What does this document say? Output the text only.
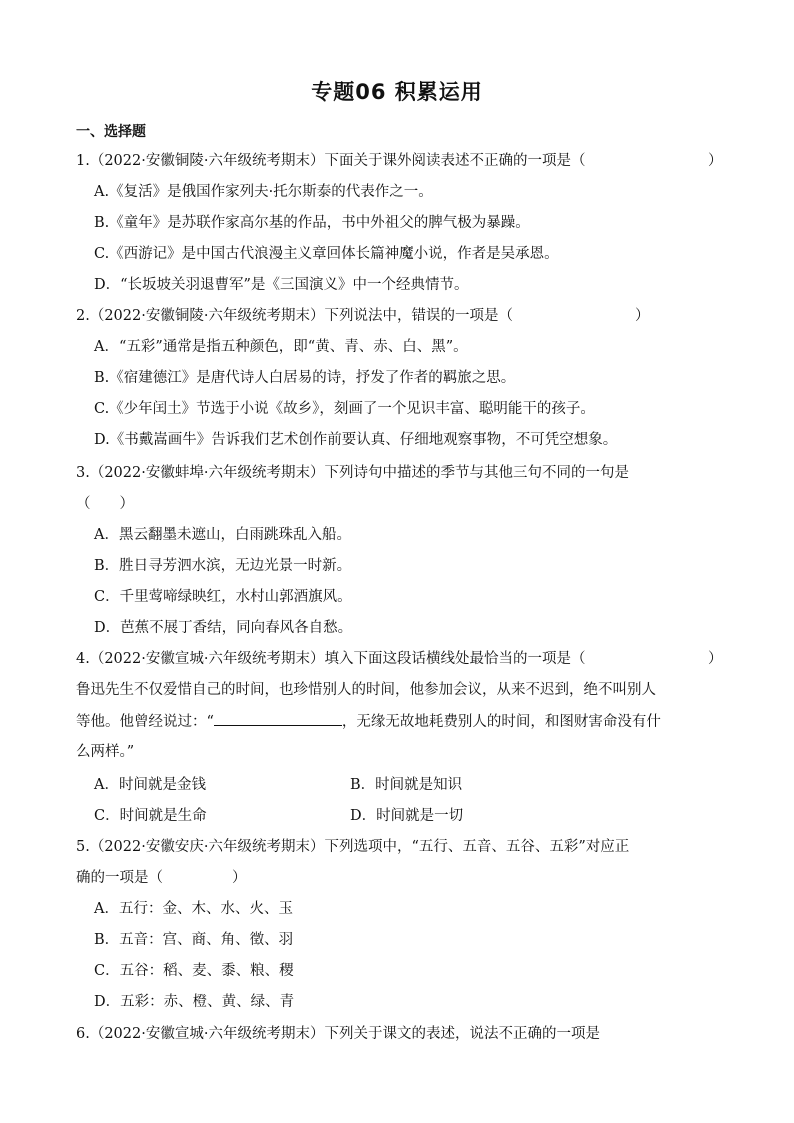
专题06 积累运用
一、选择题
1.（2022·安徽铜陵·六年级统考期末）下面关于课外阅读表述不正确的一项是（	）
A.《复活》是俄国作家列夫·托尔斯泰的代表作之一。
B.《童年》是苏联作家高尔基的作品，书中外祖父的脾气极为暴躁。
C.《西游记》是中国古代浪漫主义章回体长篇神魔小说，作者是吴承恩。
D．“长坂坡关羽退曹军”是《三国演义》中一个经典情节。
2.（2022·安徽铜陵·六年级统考期末）下列说法中，错误的一项是（	）
A．“五彩”通常是指五种颜色，即“黄、青、赤、白、黑”。
B.《宿建德江》是唐代诗人白居易的诗，抒发了作者的羁旅之思。
C.《少年闰土》节选于小说《故乡》，刻画了一个见识丰富、聪明能干的孩子。
D.《书戴嵩画牛》告诉我们艺术创作前要认真、仔细地观察事物，不可凭空想象。
3.（2022·安徽蚌埠·六年级统考期末）下列诗句中描述的季节与其他三句不同的一句是
（　　）
A．黑云翻墨未遮山，白雨跳珠乱入船。
B．胜日寻芳泗水滨，无边光景一时新。
C．千里莺啼绿映红，水村山郭酒旗风。
D．芭蕉不展丁香结，同向春风各自愁。
4.（2022·安徽宣城·六年级统考期末）填入下面这段话横线处最恰当的一项是（	）
鲁迅先生不仅爱惜自己的时间，也珍惜别人的时间，他参加会议，从来不迟到，绝不叫别人
等他。他曾经说过：“	，无缘无故地耗费别人的时间，和图财害命没有什
么两样。”
A．时间就是金钱	B．时间就是知识
C．时间就是生命	D．时间就是一切
5.（2022·安徽安庆·六年级统考期末）下列选项中，“五行、五音、五谷、五彩”对应正
确的一项是（	）
A．五行：金、木、水、火、玉
B．五音：宫、商、角、徵、羽
C．五谷：稻、麦、黍、粮、稷
D．五彩：赤、橙、黄、绿、青
6.（2022·安徽宣城·六年级统考期末）下列关于课文的表述，说法不正确的一项是
